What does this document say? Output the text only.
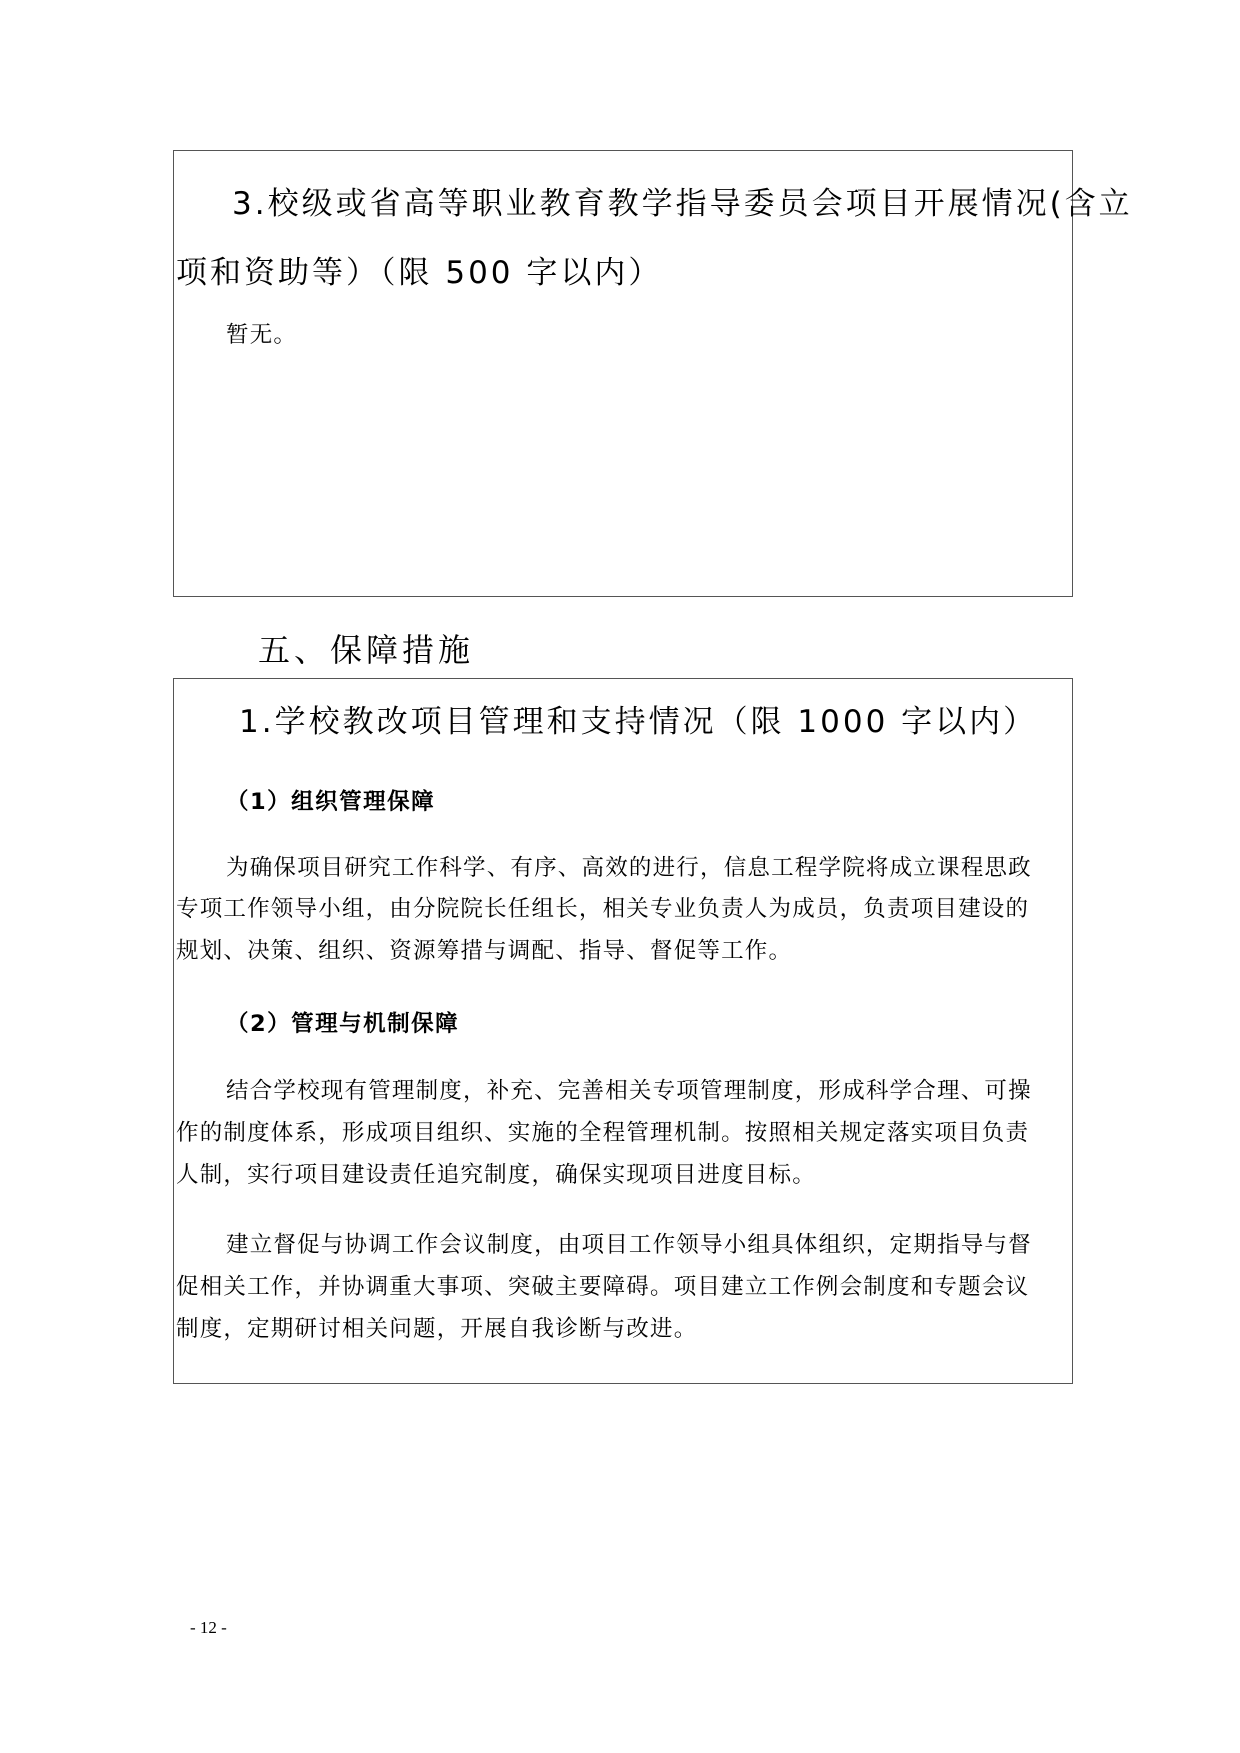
3.校级或省高等职业教育教学指导委员会项目开展情况(含立

项和资助等）（限 500 字以内）

暂无。

五、保障措施

1.学校教改项目管理和支持情况（限 1000 字以内）

（1）组织管理保障

为确保项目研究工作科学、有序、高效的进行，信息工程学院将成立课程思政

专项工作领导小组，由分院院长任组长，相关专业负责人为成员，负责项目建设的

规划、决策、组织、资源筹措与调配、指导、督促等工作。

（2）管理与机制保障

结合学校现有管理制度，补充、完善相关专项管理制度，形成科学合理、可操

作的制度体系，形成项目组织、实施的全程管理机制。按照相关规定落实项目负责

人制，实行项目建设责任追究制度，确保实现项目进度目标。

建立督促与协调工作会议制度，由项目工作领导小组具体组织，定期指导与督

促相关工作，并协调重大事项、突破主要障碍。项目建立工作例会制度和专题会议

制度，定期研讨相关问题，开展自我诊断与改进。

- 12 -
